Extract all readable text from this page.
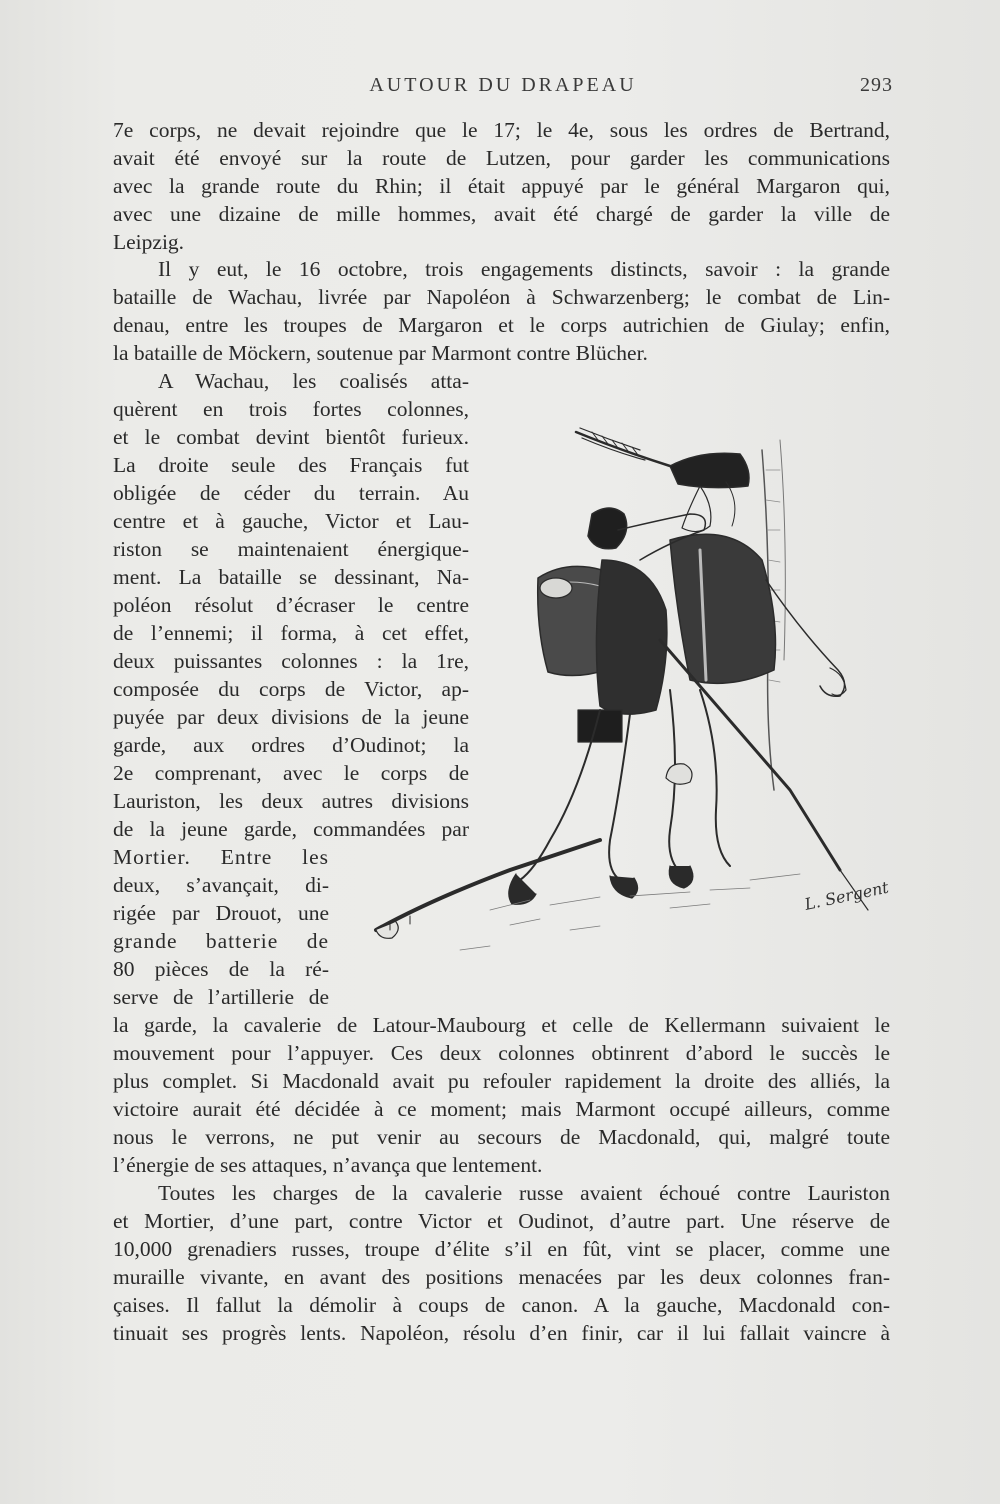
AUTOUR DU DRAPEAU	293
7e corps, ne devait rejoindre que le 17; le 4e, sous les ordres de Bertrand,
avait été envoyé sur la route de Lutzen, pour garder les communications
avec la grande route du Rhin; il était appuyé par le général Margaron qui,
avec une dizaine de mille hommes, avait été chargé de garder la ville de
Leipzig.
Il y eut, le 16 octobre, trois engagements distincts, savoir : la grande
bataille de Wachau, livrée par Napoléon à Schwarzenberg; le combat de Lin-
denau, entre les troupes de Margaron et le corps autrichien de Giulay; enfin,
la bataille de Möckern, soutenue par Marmont contre Blücher.
A Wachau, les coalisés atta-
quèrent en trois fortes colonnes,
et le combat devint bientôt furieux.
La droite seule des Français fut
obligée de céder du terrain. Au
centre et à gauche, Victor et Lau-
riston se maintenaient énergique-
ment. La bataille se dessinant, Na-
poléon résolut d’écraser le centre
de l’ennemi; il forma, à cet effet,
deux puissantes colonnes : la 1re,
composée du corps de Victor, ap-
puyée par deux divisions de la jeune
garde, aux ordres d’Oudinot; la
2e comprenant, avec le corps de
Lauriston, les deux autres divisions
de la jeune garde, commandées par
Mortier. Entre les
deux, s’avançait, di-
rigée par Drouot, une
grande batterie de
80 pièces de la ré-
serve de l’artillerie de
la garde, la cavalerie de Latour-Maubourg et celle de Kellermann suivaient le
mouvement pour l’appuyer. Ces deux colonnes obtinrent d’abord le succès le
plus complet. Si Macdonald avait pu refouler rapidement la droite des alliés, la
victoire aurait été décidée à ce moment; mais Marmont occupé ailleurs, comme
nous le verrons, ne put venir au secours de Macdonald, qui, malgré toute
l’énergie de ses attaques, n’avança que lentement.
Toutes les charges de la cavalerie russe avaient échoué contre Lauriston
et Mortier, d’une part, contre Victor et Oudinot, d’autre part. Une réserve de
10,000 grenadiers russes, troupe d’élite s’il en fût, vint se placer, comme une
muraille vivante, en avant des positions menacées par les deux colonnes fran-
çaises. Il fallut la démolir à coups de canon. A la gauche, Macdonald con-
tinuait ses progrès lents. Napoléon, résolu d’en finir, car il lui fallait vaincre à
L. Sergent
